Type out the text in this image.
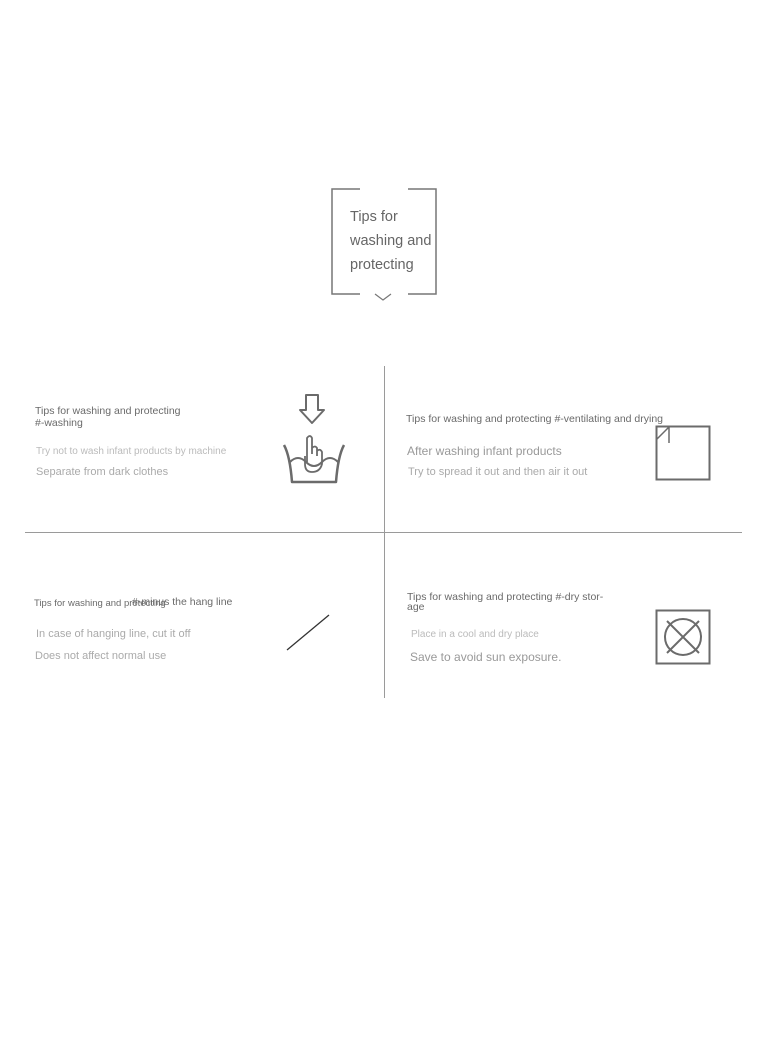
Tips for
washing and
protecting
Tips for washing and protecting
#-washing
Try not to wash infant products by machine
Separate from dark clothes
Tips for washing and protecting #-ventilating and drying
After washing infant products
Try to spread it out and then air it out
Tips for washing and protecting
#-minus the hang line
In case of hanging line, cut it off
Does not affect normal use
Tips for washing and protecting #-dry stor-
age
Place in a cool and dry place
Save to avoid sun exposure.
